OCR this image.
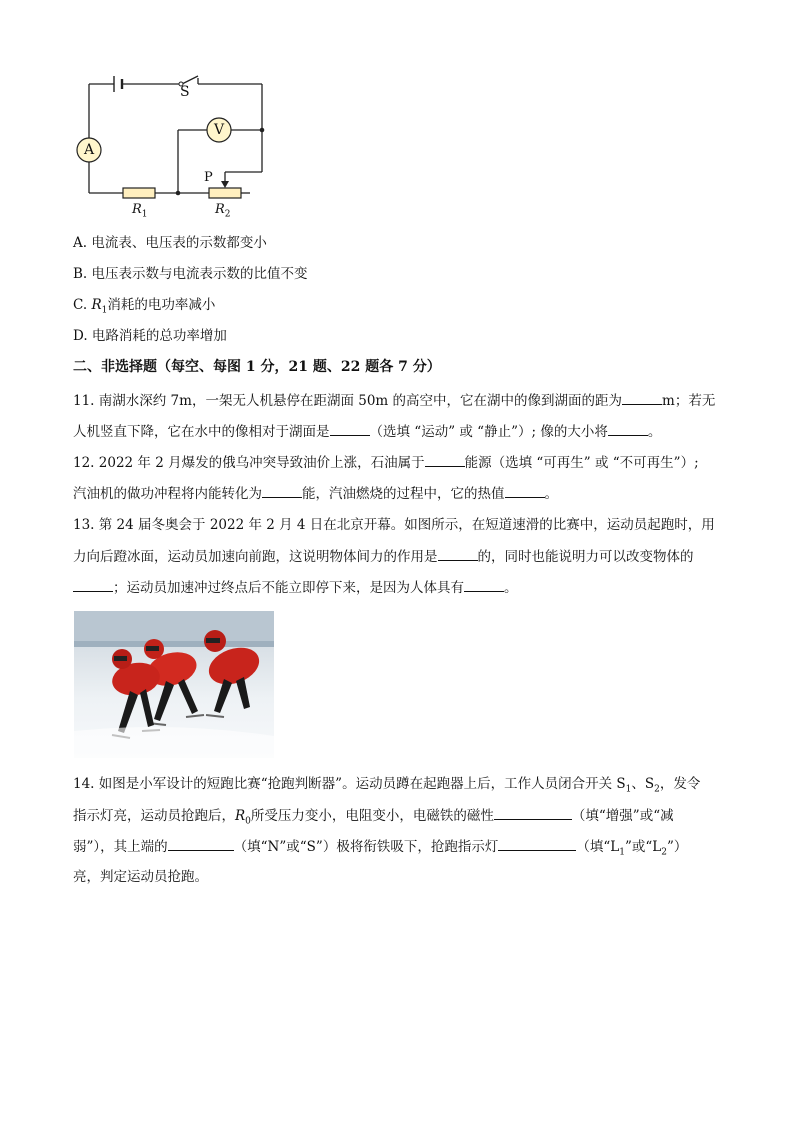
S
A
V
P
$R_1$	$R_2$
A. 电流表、电压表的示数都变小
B. 电压表示数与电流表示数的比值不变
C. $R_1$消耗的电功率减小
D. 电路消耗的总功率增加
二、非选择题（每空、每图 1 分，21 题、22 题各 7 分）
11. 南湖水深约 7m，一架无人机悬停在距湖面 50m 的高空中，它在湖中的像到湖面的距为	m；若无
人机竖直下降，它在水中的像相对于湖面是	（选填 “运动” 或 “静止”）; 像的大小将	。
12. 2022 年 2 月爆发的俄乌冲突导致油价上涨，石油属于	能源（选填 “可再生” 或 “不可再生”）;
汽油机的做功冲程将内能转化为	能，汽油燃烧的过程中，它的热值	。
13. 第 24 届冬奥会于 2022 年 2 月 4 日在北京开幕。如图所示，在短道速滑的比赛中，运动员起跑时，用
力向后蹬冰面，运动员加速向前跑，这说明物体间力的作用是	的，同时也能说明力可以改变物体的
；运动员加速冲过终点后不能立即停下来，是因为人体具有	。
14. 如图是小军设计的短跑比赛“抢跑判断器”。运动员蹲在起跑器上后，工作人员闭合开关 $S_1$、$S_2$，发令
指示灯亮，运动员抢跑后，$R_0$所受压力变小，电阻变小，电磁铁的磁性	（填“增强”或“减
弱”），其上端的	（填“N”或“S”）极将衔铁吸下，抢跑指示灯	（填“$L_1$”或“$L_2$”）
亮，判定运动员抢跑。
